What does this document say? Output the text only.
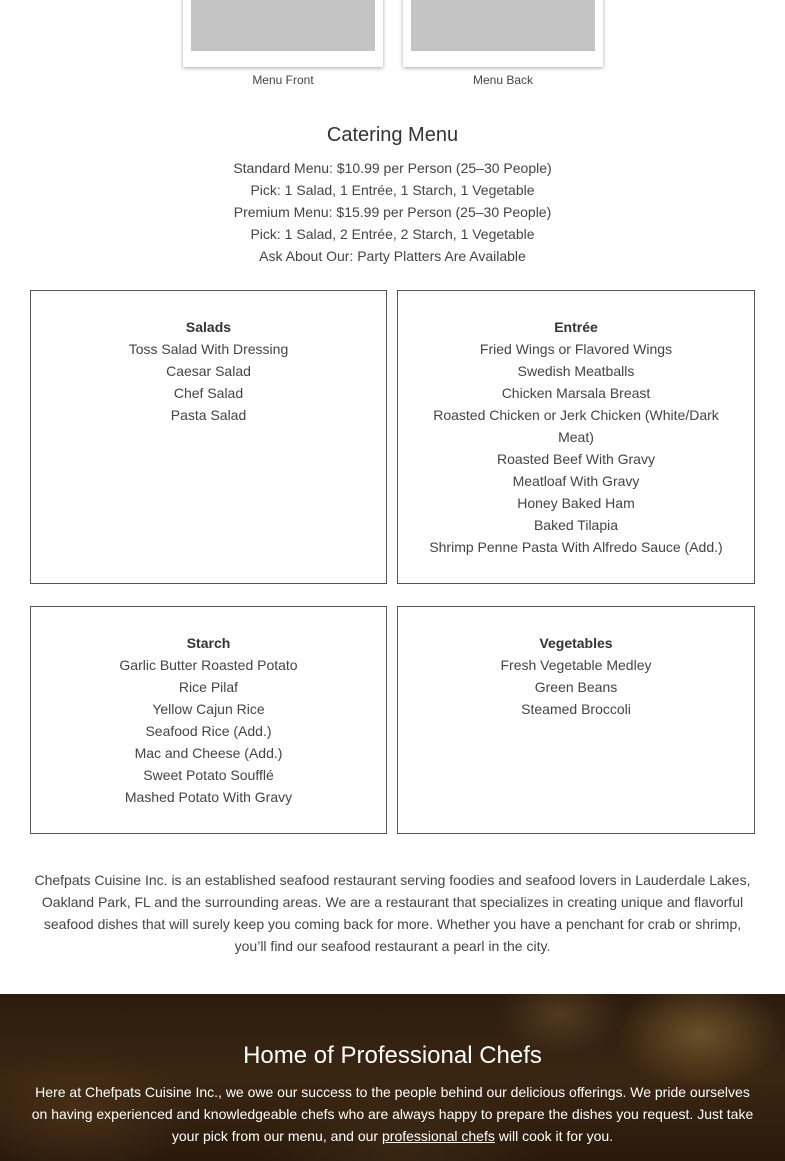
Menu Front	Menu Back
Catering Menu
Standard Menu: $10.99 per Person (25–30 People)
Pick: 1 Salad, 1 Entrée, 1 Starch, 1 Vegetable
Premium Menu: $15.99 per Person (25–30 People)
Pick: 1 Salad, 2 Entrée, 2 Starch, 1 Vegetable
Ask About Our: Party Platters Are Available
Salads
Toss Salad With Dressing
Caesar Salad
Chef Salad
Pasta Salad
Entrée
Fried Wings or Flavored Wings
Swedish Meatballs
Chicken Marsala Breast
Roasted Chicken or Jerk Chicken (White/Dark Meat)
Roasted Beef With Gravy
Meatloaf With Gravy
Honey Baked Ham
Baked Tilapia
Shrimp Penne Pasta With Alfredo Sauce (Add.)
Starch
Garlic Butter Roasted Potato
Rice Pilaf
Yellow Cajun Rice
Seafood Rice (Add.)
Mac and Cheese (Add.)
Sweet Potato Soufflé
Mashed Potato With Gravy
Vegetables
Fresh Vegetable Medley
Green Beans
Steamed Broccoli

Chefpats Cuisine Inc. is an established seafood restaurant serving foodies and seafood lovers in Lauderdale Lakes, Oakland Park, FL and the surrounding areas. We are a restaurant that specializes in creating unique and flavorful seafood dishes that will surely keep you coming back for more. Whether you have a penchant for crab or shrimp, you’ll find our seafood restaurant a pearl in the city.

Home of Professional Chefs

Here at Chefpats Cuisine Inc., we owe our success to the people behind our delicious offerings. We pride ourselves on having experienced and knowledgeable chefs who are always happy to prepare the dishes you request. Just take your pick from our menu, and our professional chefs will cook it for you.
